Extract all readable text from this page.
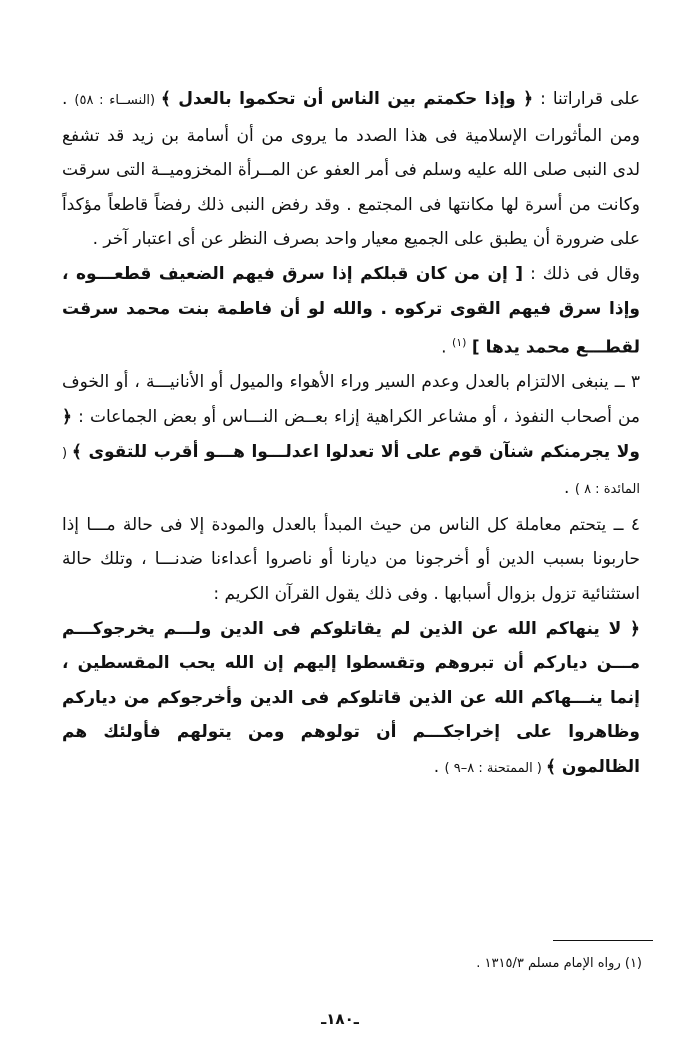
على قراراتنا : ﴿ وإذا حكمتم بين الناس أن تحكموا بالعدل ﴾ (النســاء : ٥٨) . ومن المأثورات الإسلامية فى هذا الصدد ما يروى من أن أسامة بن زيد قد تشفع لدى النبى صلى الله عليه وسلم فى أمر العفو عن المــرأة المخزوميــة التى سرقت وكانت من أسرة لها مكانتها فى المجتمع . وقد رفض النبى ذلك رفضاً قاطعاً مؤكداً على ضرورة أن يطبق على الجميع معيار واحد بصرف النظر عن أى اعتبار آخر .

وقال فى ذلك : [ إن من كان قبلكم إذا سرق فيهم الضعيف قطعـــوه ، وإذا سرق فيهم القوى تركوه . والله لو أن فاطمة بنت محمد سرقت لقطـــع محمد يدها ] $^{(١)}$ .

٣ ــ ينبغى الالتزام بالعدل وعدم السير وراء الأهواء والميول أو الأنانيـــة ، أو الخوف من أصحاب النفوذ ، أو مشاعر الكراهية إزاء بعــض النـــاس أو بعض الجماعات : ﴿ ولا يجرمنكم شنآن قوم على ألا تعدلوا اعدلـــوا هـــو أقرب للتقوى ﴾ ( المائدة : ٨ ) .

٤ ــ يتحتم معاملة كل الناس من حيث المبدأ بالعدل والمودة إلا فى حالة مـــا إذا حاربونا بسبب الدين أو أخرجونا من ديارنا أو ناصروا أعداءنا ضدنـــا ، وتلك حالة استثنائية تزول بزوال أسبابها . وفى ذلك يقول القرآن الكريم :

﴿ لا ينهاكم الله عن الذين لم يقاتلوكم فى الدين ولـــم يخرجوكـــم مـــن دياركم أن تبروهم وتقسطوا إليهم إن الله يحب المقسطين ، إنما ينـــهاكم الله عن الذين قاتلوكم فى الدين وأخرجوكم من دياركم وظاهروا على إخراجكـــم أن تولوهم ومن يتولهم فأولئك هم الظالمون ﴾ ( الممتحنة : ٨–٩ ) .

(١) رواه الإمام مسلم ١٣١٥/٣ .
ـ١٨٠ـ
